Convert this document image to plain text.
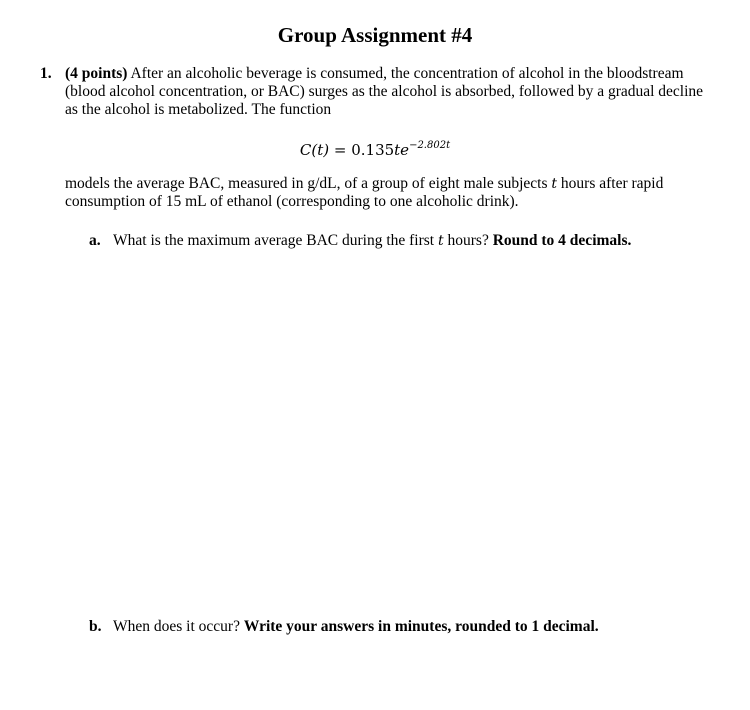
Group Assignment #4
1. (4 points) After an alcoholic beverage is consumed, the concentration of alcohol in the bloodstream
(blood alcohol concentration, or BAC) surges as the alcohol is absorbed, followed by a gradual decline
as the alcohol is metabolized. The function
$C(t) = 0.135te^{-2.802t}$
models the average BAC, measured in g/dL, of a group of eight male subjects t hours after rapid
consumption of 15 mL of ethanol (corresponding to one alcoholic drink).
a. What is the maximum average BAC during the first t hours? Round to 4 decimals.
b. When does it occur? Write your answers in minutes, rounded to 1 decimal.
